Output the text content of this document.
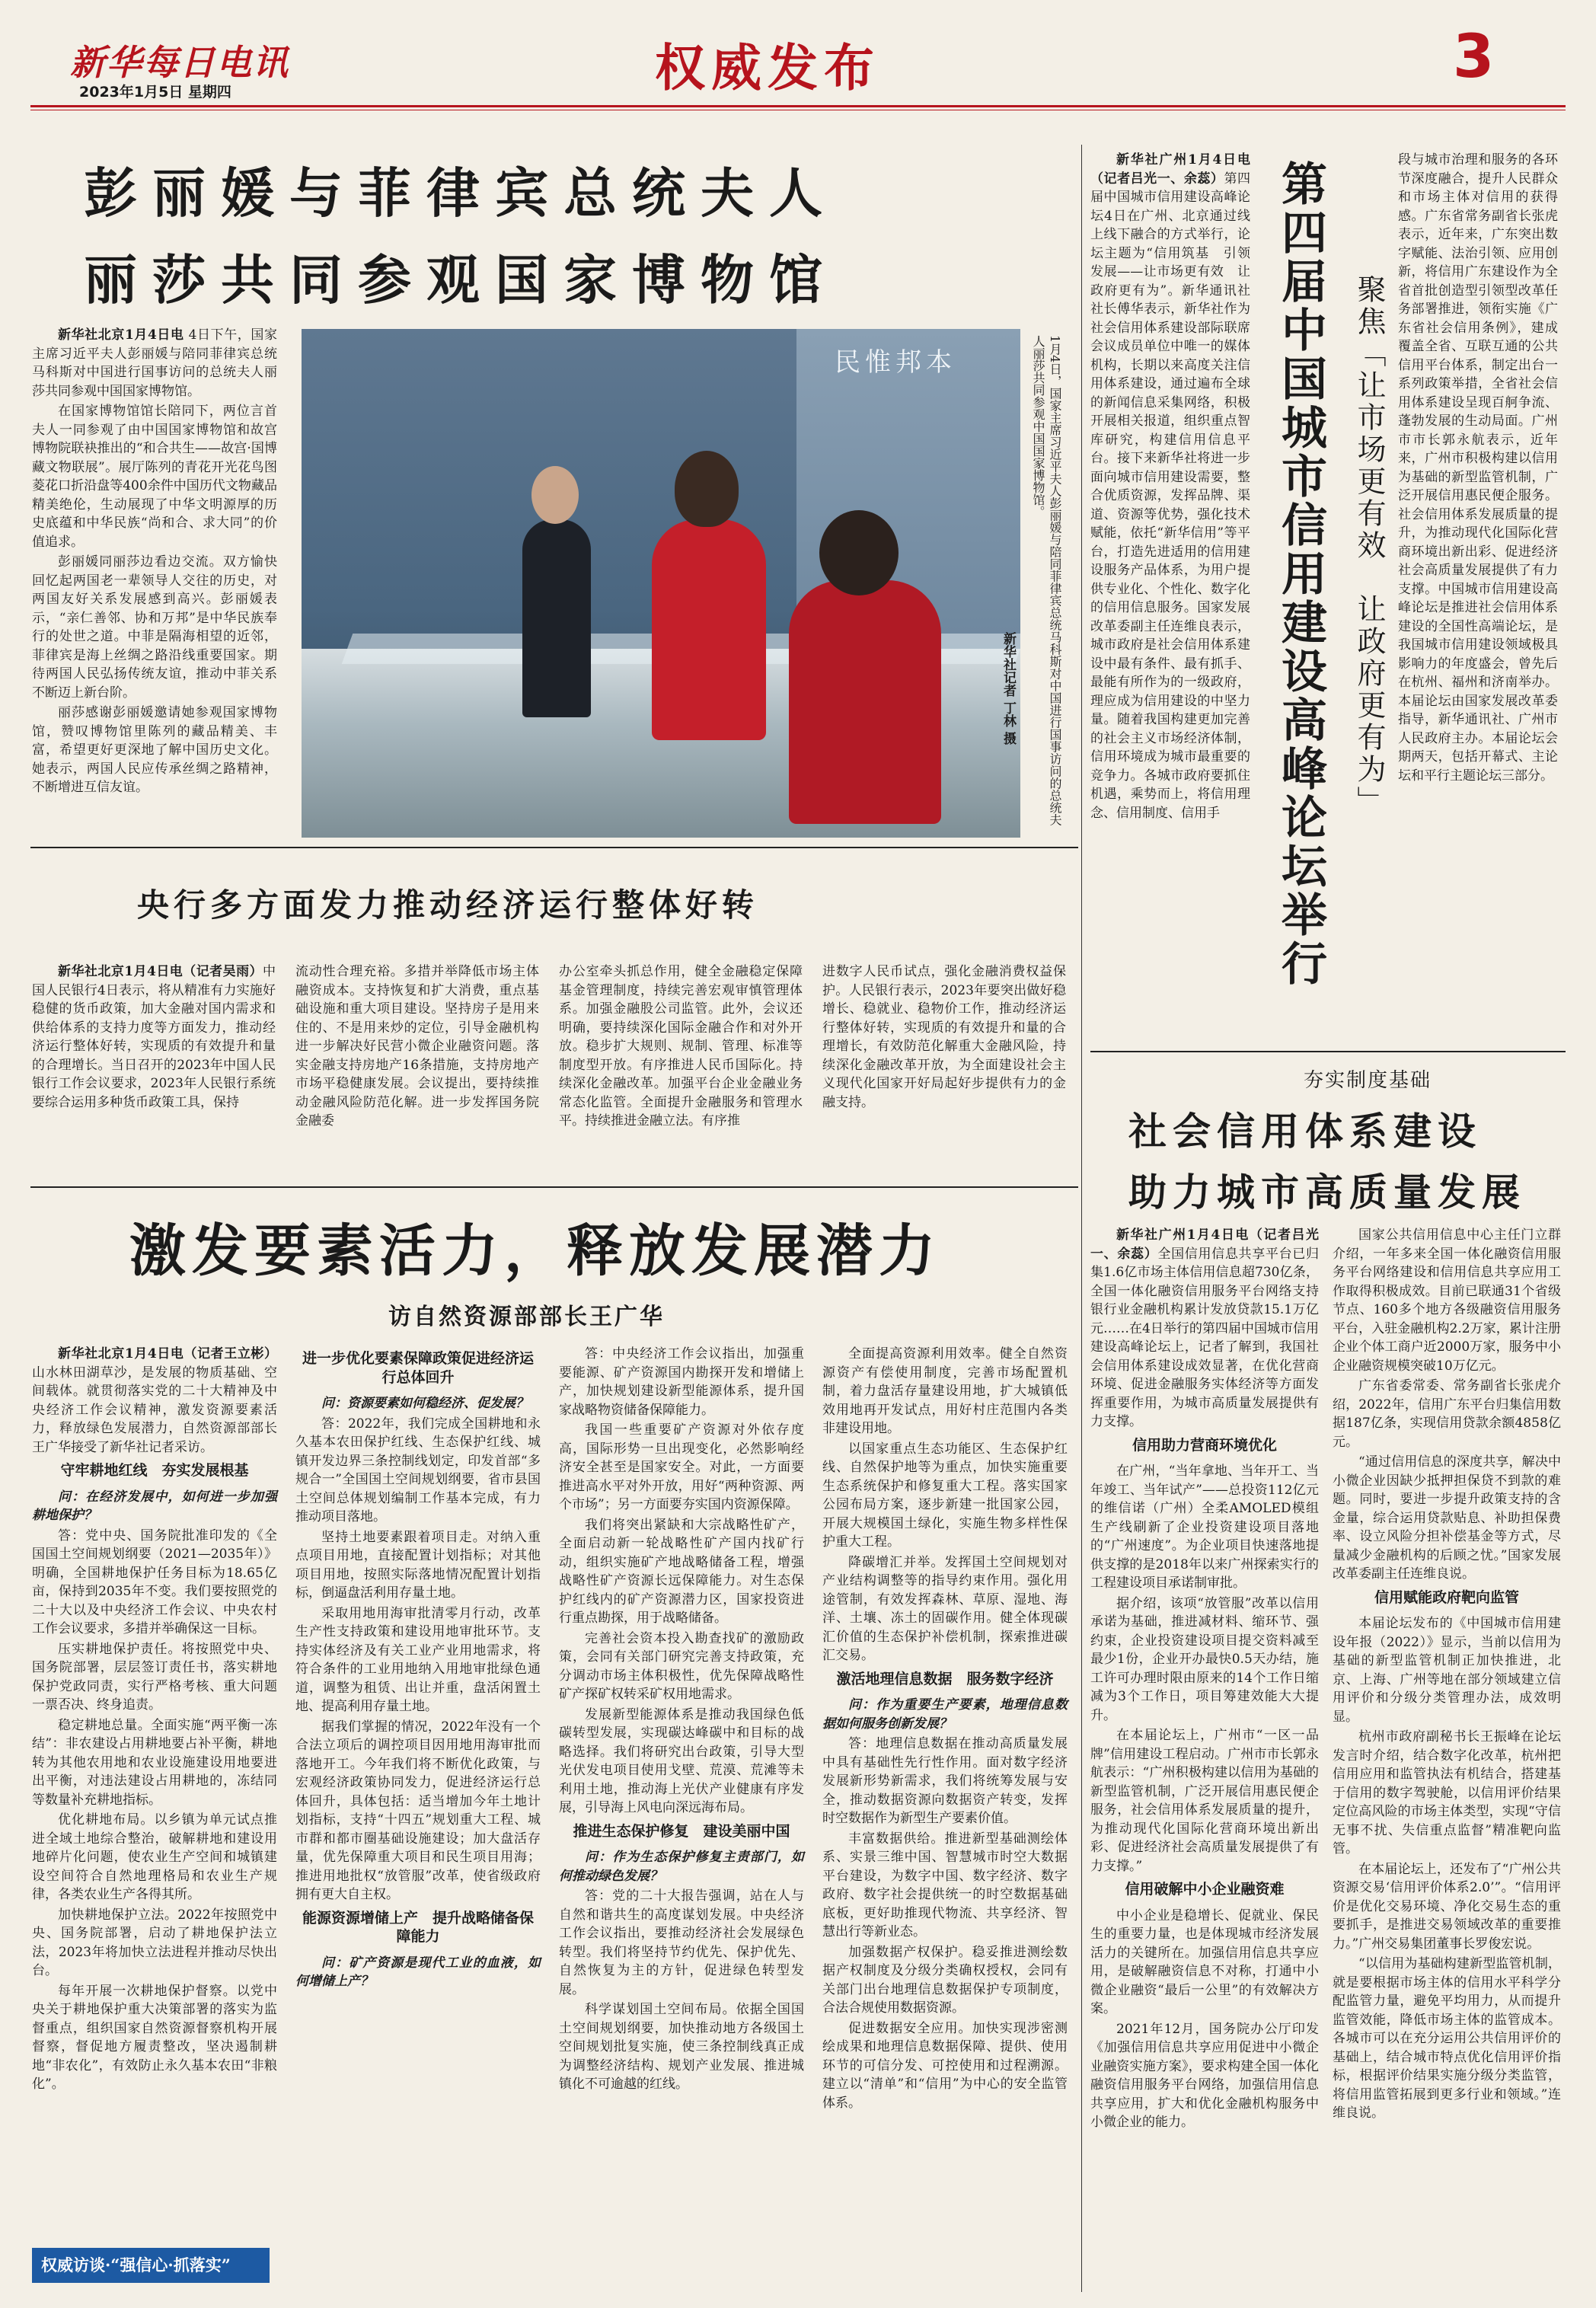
新华每日电讯
2023年1月5日 星期四	权威发布	3
彭丽媛与菲律宾总统夫人
丽莎共同参观国家博物馆

新华社北京1月4日电 4日下午，国家主席习近平夫人彭丽媛与陪同菲律宾总统马科斯对中国进行国事访问的总统夫人丽莎共同参观中国国家博物馆。

在国家博物馆馆长陪同下，两位言首夫人一同参观了由中国国家博物馆和故宫博物院联袂推出的“和合共生——故宫·国博藏文物联展”。展厅陈列的青花开光花鸟图菱花口折沿盘等400余件中国历代文物藏品精美绝伦，生动展现了中华文明源厚的历史底蕴和中华民族“尚和合、求大同”的价值追求。

彭丽媛同丽莎边看边交流。双方愉快回忆起两国老一辈领导人交往的历史，对两国友好关系发展感到高兴。彭丽媛表示，“亲仁善邻、协和万邦”是中华民族奉行的处世之道。中菲是隔海相望的近邻，菲律宾是海上丝绸之路沿线重要国家。期待两国人民弘扬传统友谊，推动中菲关系不断迈上新台阶。

丽莎感谢彭丽媛邀请她参观国家博物馆，赞叹博物馆里陈列的藏品精美、丰富，希望更好更深地了解中国历史文化。她表示，两国人民应传承丝绸之路精神，不断增进互信友谊。

民惟邦本	1月4日，国家主席习近平夫人彭丽媛与陪同菲律宾总统马科斯对中国进行国事访问的总统夫人丽莎共同参观中国国家博物馆。
新华社记者 丁林 摄
央行多方面发力推动经济运行整体好转

新华社北京1月4日电（记者吴雨）中国人民银行4日表示，将从精准有力实施好稳健的货币政策，加大金融对国内需求和供给体系的支持力度等方面发力，推动经济运行整体好转，实现质的有效提升和量的合理增长。当日召开的2023年中国人民银行工作会议要求，2023年人民银行系统要综合运用多种货币政策工具，保持

流动性合理充裕。多措并举降低市场主体融资成本。支持恢复和扩大消费，重点基础设施和重大项目建设。坚持房子是用来住的、不是用来炒的定位，引导金融机构进一步解决好民营小微企业融资问题。落实金融支持房地产16条措施，支持房地产市场平稳健康发展。会议提出，要持续推动金融风险防范化解。进一步发挥国务院金融委

办公室牵头抓总作用，健全金融稳定保障基金管理制度，持续完善宏观审慎管理体系。加强金融股公司监管。此外，会议还明确，要持续深化国际金融合作和对外开放。稳步扩大规则、规制、管理、标准等制度型开放。有序推进人民币国际化。持续深化金融改革。加强平台企业金融业务常态化监管。全面提升金融服务和管理水平。持续推进金融立法。有序推

进数字人民币试点，强化金融消费权益保护。人民银行表示，2023年要突出做好稳增长、稳就业、稳物价工作，推动经济运行整体好转，实现质的有效提升和量的合理增长，有效防范化解重大金融风险，持续深化金融改革开放，为全面建设社会主义现代化国家开好局起好步提供有力的金融支持。

激发要素活力，释放发展潜力
访自然资源部部长王广华

新华社北京1月4日电（记者王立彬）山水林田湖草沙，是发展的物质基础、空间载体。就贯彻落实党的二十大精神及中央经济工作会议精神，激发资源要素活力，释放绿色发展潜力，自然资源部部长王广华接受了新华社记者采访。

守牢耕地红线　夯实发展根基

问：在经济发展中，如何进一步加强耕地保护？

答：党中央、国务院批准印发的《全国国土空间规划纲要（2021—2035年）》明确，全国耕地保护任务目标为18.65亿亩，保持到2035年不变。我们要按照党的二十大以及中央经济工作会议、中央农村工作会议要求，多措并举确保这一目标。

压实耕地保护责任。将按照党中央、国务院部署，层层签订责任书，落实耕地保护党政同责，实行严格考核、重大问题一票否决、终身追责。

稳定耕地总量。全面实施“两平衡一冻结”：非农建设占用耕地要占补平衡，耕地转为其他农用地和农业设施建设用地要进出平衡，对违法建设占用耕地的，冻结同等数量补充耕地指标。

优化耕地布局。以乡镇为单元试点推进全域土地综合整治，破解耕地和建设用地碎片化问题，使农业生产空间和城镇建设空间符合自然地理格局和农业生产规律，各类农业生产各得其所。

加快耕地保护立法。2022年按照党中央、国务院部署，启动了耕地保护法立法，2023年将加快立法进程并推动尽快出台。

每年开展一次耕地保护督察。以党中央关于耕地保护重大决策部署的落实为监督重点，组织国家自然资源督察机构开展督察，督促地方履责整改，坚决遏制耕地“非农化”，有效防止永久基本农田“非粮化”。

进一步优化要素保障政策促进经济运行总体回升

问：资源要素如何稳经济、促发展？

答：2022年，我们完成全国耕地和永久基本农田保护红线、生态保护红线、城镇开发边界三条控制线划定，印发首部“多规合一”全国国土空间规划纲要，省市县国土空间总体规划编制工作基本完成，有力推动项目落地。

坚持土地要素跟着项目走。对纳入重点项目用地，直接配置计划指标；对其他项目用地，按照实际落地情况配置计划指标，倒逼盘活利用存量土地。

采取用地用海审批清零月行动，改革生产性支持政策和建设用地审批环节。支持实体经济及有关工业产业用地需求，将符合条件的工业用地纳入用地审批绿色通道，调整为租赁、出让并重，盘活闲置土地、提高利用存量土地。

据我们掌握的情况，2022年没有一个合法立项后的调控项目因用地用海审批而落地开工。今年我们将不断优化政策，与宏观经济政策协同发力，促进经济运行总体回升，具体包括：适当增加今年土地计划指标，支持“十四五”规划重大工程、城市群和都市圈基础设施建设；加大盘活存量，优先保障重大项目和民生项目用海；推进用地批权“放管服”改革，使省级政府拥有更大自主权。

能源资源增储上产　提升战略储备保障能力

问：矿产资源是现代工业的血液，如何增储上产？

答：中央经济工作会议指出，加强重要能源、矿产资源国内勘探开发和增储上产，加快规划建设新型能源体系，提升国家战略物资储备保障能力。

我国一些重要矿产资源对外依存度高，国际形势一旦出现变化，必然影响经济安全甚至是国家安全。对此，一方面要推进高水平对外开放，用好“两种资源、两个市场”；另一方面要夯实国内资源保障。

我们将突出紧缺和大宗战略性矿产，全面启动新一轮战略性矿产国内找矿行动，组织实施矿产地战略储备工程，增强战略性矿产资源长远保障能力。对生态保护红线内的矿产资源潜力区，国家投资进行重点勘探，用于战略储备。

完善社会资本投入勘查找矿的激励政策，会同有关部门研究完善支持政策，充分调动市场主体积极性，优先保障战略性矿产探矿权转采矿权用地需求。

发展新型能源体系是推动我国绿色低碳转型发展，实现碳达峰碳中和目标的战略选择。我们将研究出台政策，引导大型光伏发电项目使用戈壁、荒漠、荒滩等未利用土地，推动海上光伏产业健康有序发展，引导海上风电向深远海布局。

推进生态保护修复　建设美丽中国

问：作为生态保护修复主责部门，如何推动绿色发展？

答：党的二十大报告强调，站在人与自然和谐共生的高度谋划发展。中央经济工作会议指出，要推动经济社会发展绿色转型。我们将坚持节约优先、保护优先、自然恢复为主的方针，促进绿色转型发展。

科学谋划国土空间布局。依据全国国土空间规划纲要，加快推动地方各级国土空间规划批复实施，使三条控制线真正成为调整经济结构、规划产业发展、推进城镇化不可逾越的红线。

全面提高资源利用效率。健全自然资源资产有偿使用制度，完善市场配置机制，着力盘活存量建设用地，扩大城镇低效用地再开发试点，用好村庄范围内各类非建设用地。

以国家重点生态功能区、生态保护红线、自然保护地等为重点，加快实施重要生态系统保护和修复重大工程。落实国家公园布局方案，逐步新建一批国家公园，开展大规模国土绿化，实施生物多样性保护重大工程。

降碳增汇并举。发挥国土空间规划对产业结构调整等的指导约束作用。强化用途管制，有效发挥森林、草原、湿地、海洋、土壤、冻土的固碳作用。健全体现碳汇价值的生态保护补偿机制，探索推进碳汇交易。

激活地理信息数据　服务数字经济

问：作为重要生产要素，地理信息数据如何服务创新发展？

答：地理信息数据在推动高质量发展中具有基础性先行性作用。面对数字经济发展新形势新需求，我们将统筹发展与安全，推动数据资源向数据资产转变，发挥时空数据作为新型生产要素价值。

丰富数据供给。推进新型基础测绘体系、实景三维中国、智慧城市时空大数据平台建设，为数字中国、数字经济、数字政府、数字社会提供统一的时空数据基础底板，更好助推现代物流、共享经济、智慧出行等新业态。

加强数据产权保护。稳妥推进测绘数据产权制度及分级分类确权授权，会同有关部门出台地理信息数据保护专项制度，合法合规使用数据资源。

促进数据安全应用。加快实现涉密测绘成果和地理信息数据保障、提供、使用环节的可信分发、可控使用和过程溯源。建立以“清单”和“信用”为中心的安全监管体系。

权威访谈·“强信心·抓落实”

新华社广州1月4日电（记者吕光一、余蕊）第四届中国城市信用建设高峰论坛4日在广州、北京通过线上线下融合的方式举行，论坛主题为“信用筑基　引领发展——让市场更有效　让政府更有为”。新华通讯社社长傅华表示，新华社作为社会信用体系建设部际联席会议成员单位中唯一的媒体机构，长期以来高度关注信用体系建设，通过遍布全球的新闻信息采集网络，积极开展相关报道，组织重点智库研究，构建信用信息平台。接下来新华社将进一步面向城市信用建设需要，整合优质资源，发挥品牌、渠道、资源等优势，强化技术赋能，依托“新华信用”等平台，打造先进适用的信用建设服务产品体系，为用户提供专业化、个性化、数字化的信用信息服务。国家发展改革委副主任连维良表示，城市政府是社会信用体系建设中最有条件、最有抓手、最能有所作为的一级政府，理应成为信用建设的中坚力量。随着我国构建更加完善的社会主义市场经济体制，信用环境成为城市最重要的竞争力。各城市政府要抓住机遇，乘势而上，将信用理念、信用制度、信用手	第四届中国城市信用建设高峰论坛举行 聚焦「让市场更有效　让政府更有为」

段与城市治理和服务的各环节深度融合，提升人民群众和市场主体对信用的获得感。广东省常务副省长张虎表示，近年来，广东突出数字赋能、法治引领、应用创新，将信用广东建设作为全省首批创造型引领型改革任务部署推进，领衔实施《广东省社会信用条例》，建成覆盖全省、互联互通的公共信用平台体系，制定出台一系列政策举措，全省社会信用体系建设呈现百舸争流、蓬勃发展的生动局面。广州市市长郭永航表示，近年来，广州市积极构建以信用为基础的新型监管机制，广泛开展信用惠民便企服务。社会信用体系发展质量的提升，为推动现代化国际化营商环境出新出彩、促进经济社会高质量发展提供了有力支撑。中国城市信用建设高峰论坛是推进社会信用体系建设的全国性高端论坛，是我国城市信用建设领域极具影响力的年度盛会，曾先后在杭州、福州和济南举办。本届论坛由国家发展改革委指导，新华通讯社、广州市人民政府主办。本届论坛会期两天，包括开幕式、主论坛和平行主题论坛三部分。

夯实制度基础
社会信用体系建设
助力城市高质量发展

新华社广州1月4日电（记者吕光一、余蕊）全国信用信息共享平台已归集1.6亿市场主体信用信息超730亿条，全国一体化融资信用服务平台网络支持银行业金融机构累计发放贷款15.1万亿元……在4日举行的第四届中国城市信用建设高峰论坛上，记者了解到，我国社会信用体系建设成效显著，在优化营商环境、促进金融服务实体经济等方面发挥重要作用，为城市高质量发展提供有力支撑。

信用助力营商环境优化

在广州，“当年拿地、当年开工、当年竣工、当年试产”——总投资112亿元的维信诺（广州）全柔AMOLED模组生产线刷新了企业投资建设项目落地的“广州速度”。为企业项目快速落地提供支撑的是2018年以来广州探索实行的工程建设项目承诺制审批。

据介绍，该项“放管服”改革以信用承诺为基础，推进减材料、缩环节、强约束，企业投资建设项目提交资料减至最少1份，企业开办最快0.5天办结，施工许可办理时限由原来的14个工作日缩减为3个工作日，项目筹建效能大大提升。

在本届论坛上，广州市“一区一品牌”信用建设工程启动。广州市市长郭永航表示：“广州积极构建以信用为基础的新型监管机制，广泛开展信用惠民便企服务，社会信用体系发展质量的提升，为推动现代化国际化营商环境出新出彩、促进经济社会高质量发展提供了有力支撑。”

信用破解中小企业融资难

中小企业是稳增长、促就业、保民生的重要力量，也是体现城市经济发展活力的关键所在。加强信用信息共享应用，是破解融资信息不对称，打通中小微企业融资“最后一公里”的有效解决方案。

2021年12月，国务院办公厅印发《加强信用信息共享应用促进中小微企业融资实施方案》，要求构建全国一体化融资信用服务平台网络，加强信用信息共享应用，扩大和优化金融机构服务中小微企业的能力。

国家公共信用信息中心主任门立群介绍，一年多来全国一体化融资信用服务平台网络建设和信用信息共享应用工作取得积极成效。目前已联通31个省级节点、160多个地方各级融资信用服务平台，入驻金融机构2.2万家，累计注册企业个体工商户近2000万家，服务中小企业融资规模突破10万亿元。

广东省委常委、常务副省长张虎介绍，2022年，信用广东平台归集信用数据187亿条，实现信用贷款余额4858亿元。

“通过信用信息的深度共享，解决中小微企业因缺少抵押担保贷不到款的难题。同时，要进一步提升政策支持的含金量，综合运用贷款贴息、补助担保费率、设立风险分担补偿基金等方式，尽量减少金融机构的后顾之忧。”国家发展改革委副主任连维良说。

信用赋能政府靶向监管

本届论坛发布的《中国城市信用建设年报（2022）》显示，当前以信用为基础的新型监管机制正加快推进，北京、上海、广州等地在部分领域建立信用评价和分级分类管理办法，成效明显。

杭州市政府副秘书长王振峰在论坛发言时介绍，结合数字化改革，杭州把信用应用和监管执法有机结合，搭建基于信用的数字驾驶舱，以信用评价结果定位高风险的市场主体类型，实现“守信无事不扰、失信重点监督”精准靶向监管。

在本届论坛上，还发布了“广州公共资源交易‘信用评价体系2.0’”。“信用评价是优化交易环境、净化交易生态的重要抓手，是推进交易领域改革的重要推力。”广州交易集团董事长罗俊宏说。

“以信用为基础构建新型监管机制，就是要根据市场主体的信用水平科学分配监管力量，避免平均用力，从而提升监管效能，降低市场主体的监管成本。各城市可以在充分运用公共信用评价的基础上，结合城市特点优化信用评价指标，根据评价结果实施分级分类监管，将信用监管拓展到更多行业和领域。”连维良说。
